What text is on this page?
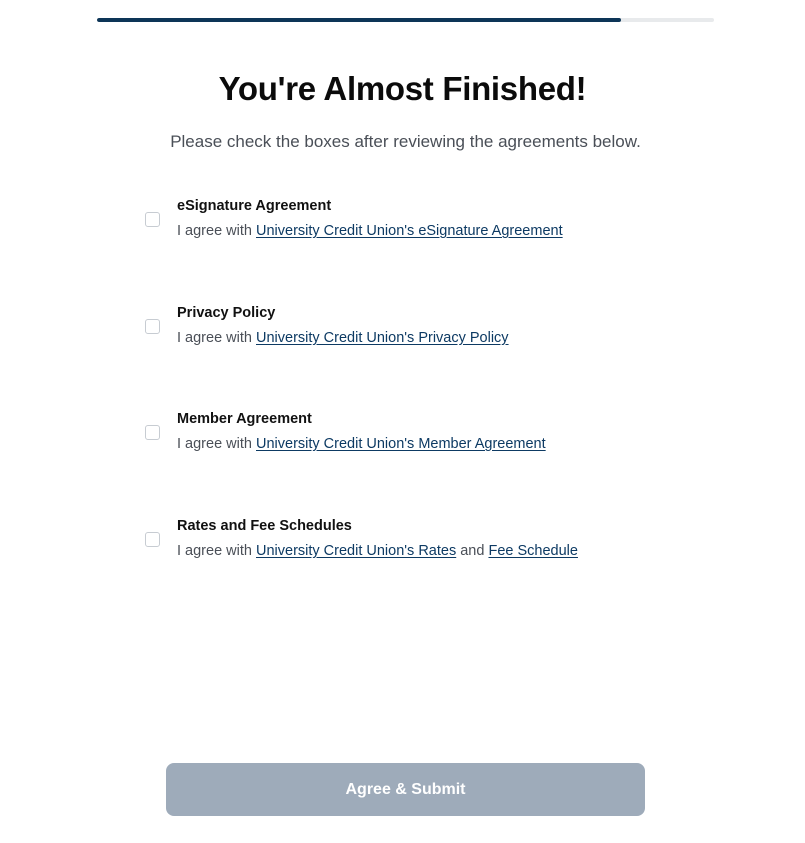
You're Almost Finished!

Please check the boxes after reviewing the agreements below.

eSignature Agreement
I agree with University Credit Union's eSignature Agreement
Privacy Policy
I agree with University Credit Union's Privacy Policy
Member Agreement
I agree with University Credit Union's Member Agreement
Rates and Fee Schedules
I agree with University Credit Union's Rates and Fee Schedule
Agree & Submit
